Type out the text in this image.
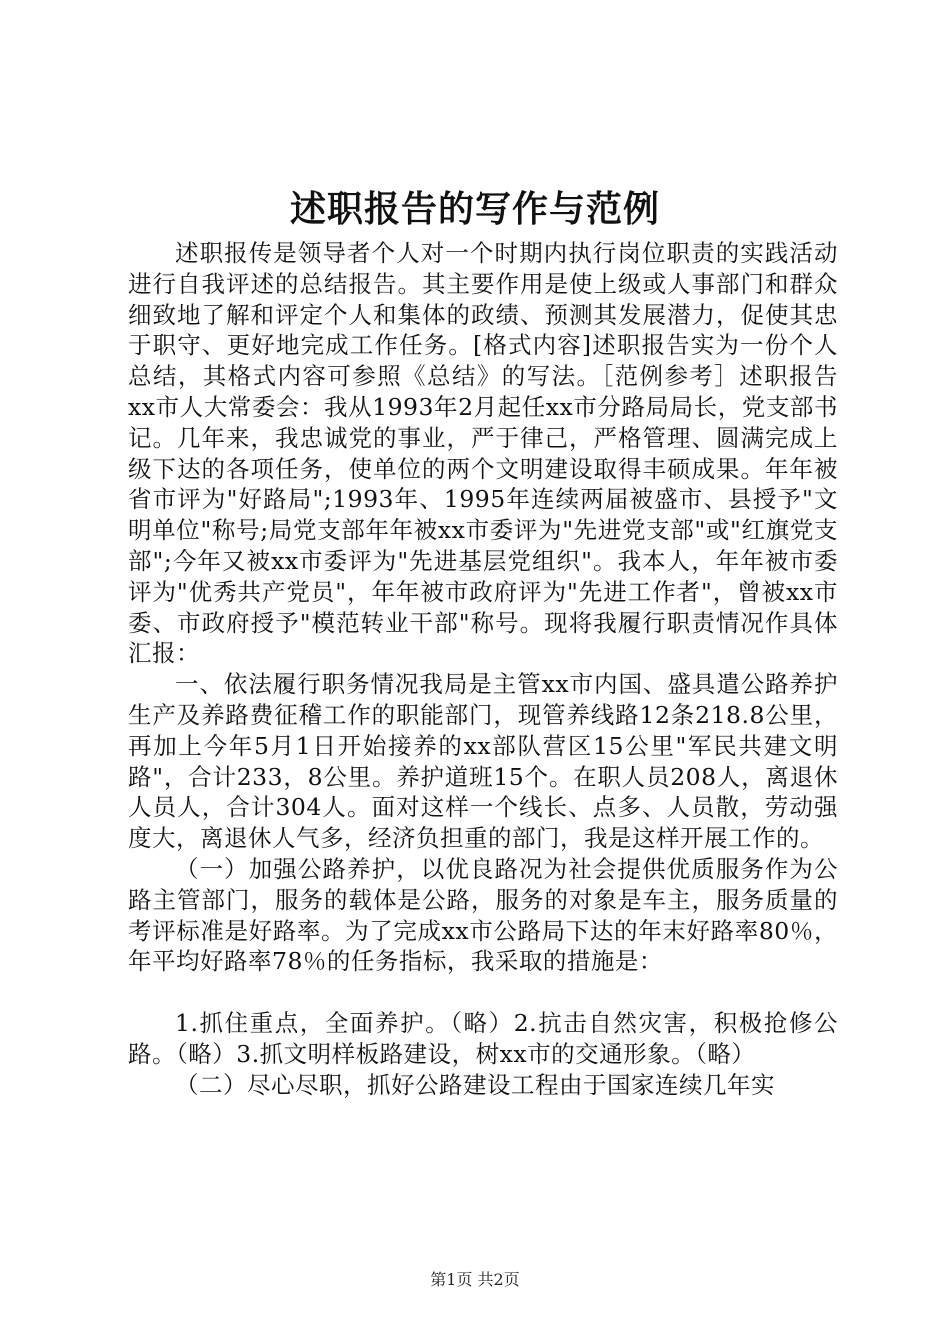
述职报告的写作与范例

述职报传是领导者个人对一个时期内执行岗位职责的实践活动进行自我评述的总结报告。其主要作用是使上级或人事部门和群众细致地了解和评定个人和集体的政绩、预测其发展潜力，促使其忠于职守、更好地完成工作任务。[格式内容]述职报告实为一份个人总结，其格式内容可参照《总结》的写法。［范例参考］述职报告xx市人大常委会：我从1993年2月起任xx市分路局局长，党支部书记。几年来，我忠诚党的事业，严于律己，严格管理、圆满完成上级下达的各项任务，使单位的两个文明建设取得丰硕成果。年年被省市评为"好路局";1993年、1995年连续两届被盛市、县授予"文明单位"称号;局党支部年年被xx市委评为"先进党支部"或"红旗党支部";今年又被xx市委评为"先进基层党组织"。我本人，年年被市委评为"优秀共产党员"，年年被市政府评为"先进工作者"，曾被xx市委、市政府授予"模范转业干部"称号。现将我履行职责情况作具体汇报：

一、依法履行职务情况我局是主管xx市内国、盛具遣公路养护生产及养路费征稽工作的职能部门，现管养线路12条218.8公里，再加上今年5月1日开始接养的xx部队营区15公里"军民共建文明路"，合计233，8公里。养护道班15个。在职人员208人，离退休人员人，合计304人。面对这样一个线长、点多、人员散，劳动强度大，离退休人气多，经济负担重的部门，我是这样开展工作的。

（一）加强公路养护，以优良路况为社会提供优质服务作为公路主管部门，服务的载体是公路，服务的对象是车主，服务质量的考评标准是好路率。为了完成xx市公路局下达的年末好路率80％，年平均好路率78％的任务指标，我采取的措施是：

1.抓住重点，全面养护。（略）2.抗击自然灾害，积极抢修公路。（略）3.抓文明样板路建设，树xx市的交通形象。（略）

（二）尽心尽职，抓好公路建设工程由于国家连续几年实

第1页 共2页
